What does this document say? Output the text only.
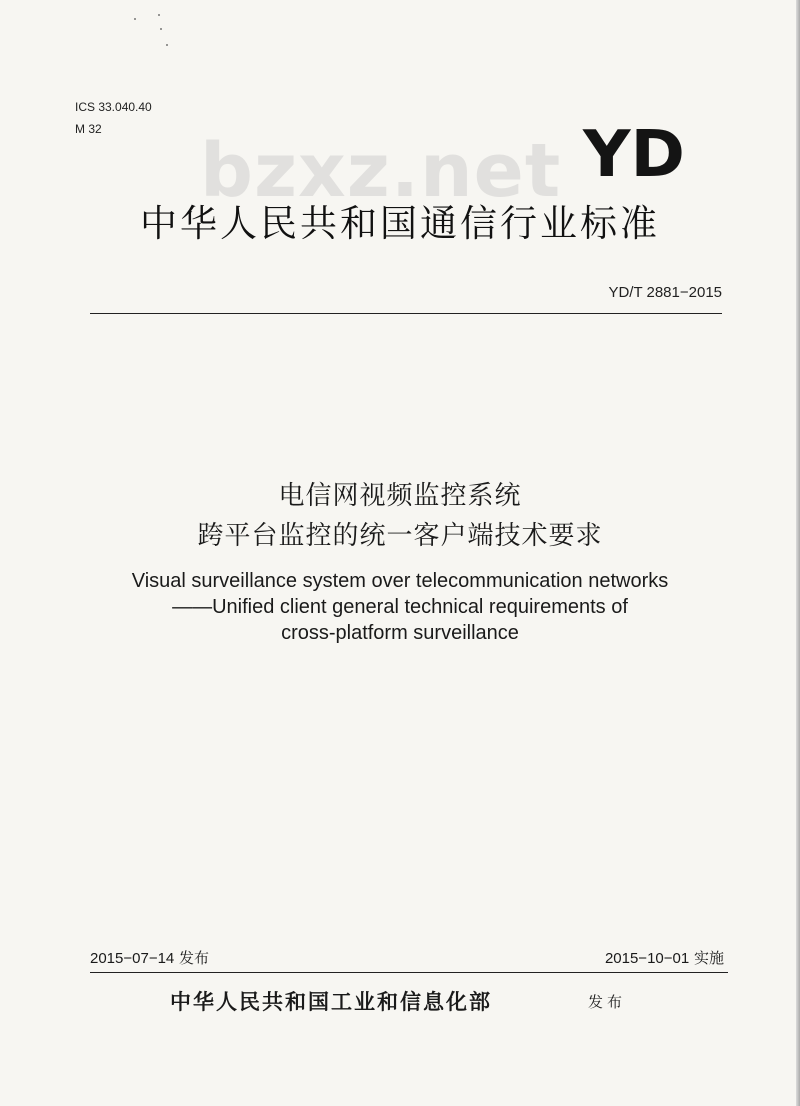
ICS 33.040.40

M 32 bzxz.net YD

中华人民共和国通信行业标准

YD/T 2881−2015

电信网视频监控系统

跨平台监控的统一客户端技术要求

Visual surveillance system over telecommunication networks

——Unified client general technical requirements of

cross-platform surveillance

2015−07−14 发布	2015−10−01 实施

中华人民共和国工业和信息化部	发布
